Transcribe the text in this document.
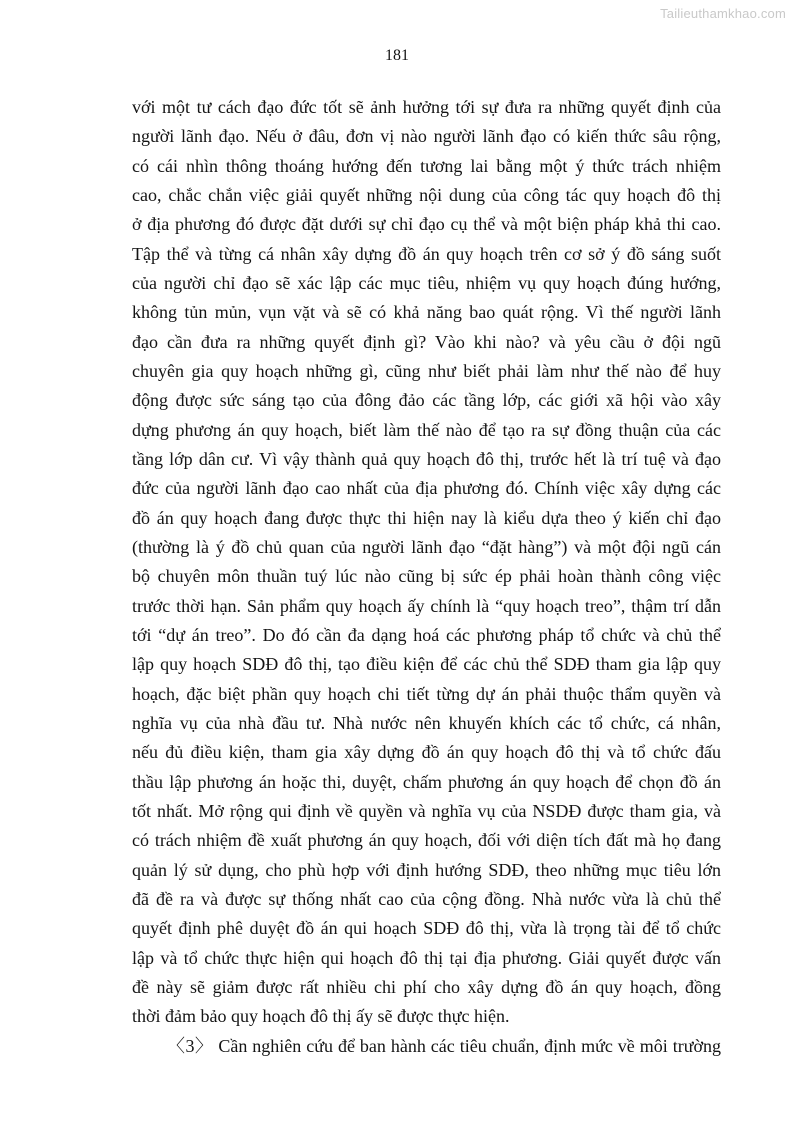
Tailieuthamkhao.com
181
với một tư cách đạo đức tốt sẽ ảnh hưởng tới sự đưa ra những quyết định của
người lãnh đạo. Nếu ở đâu, đơn vị nào người lãnh đạo có kiến thức sâu rộng,
có cái nhìn thông thoáng hướng đến tương lai bằng một ý thức trách nhiệm
cao, chắc chắn việc giải quyết những nội dung của công tác quy hoạch đô thị
ở địa phương đó được đặt dưới sự chỉ đạo cụ thể và một biện pháp khả thi cao.
Tập thể và từng cá nhân xây dựng đồ án quy hoạch trên cơ sở ý đồ sáng suốt
của người chỉ đạo sẽ xác lập các mục tiêu, nhiệm vụ quy hoạch đúng hướng,
không tủn mủn, vụn vặt và sẽ có khả năng bao quát rộng. Vì thế người lãnh
đạo cần đưa ra những quyết định gì? Vào khi nào? và yêu cầu ở đội ngũ
chuyên gia quy hoạch những gì, cũng như biết phải làm như thế nào để huy
động được sức sáng tạo của đông đảo các tầng lớp, các giới xã hội vào xây
dựng phương án quy hoạch, biết làm thế nào để tạo ra sự đồng thuận của các
tầng lớp dân cư. Vì vậy thành quả quy hoạch đô thị, trước hết là trí tuệ và đạo
đức của người lãnh đạo cao nhất của địa phương đó. Chính việc xây dựng các
đồ án quy hoạch đang được thực thi hiện nay là kiểu dựa theo ý kiến chỉ đạo
(thường là ý đồ chủ quan của người lãnh đạo “đặt hàng”) và một đội ngũ cán
bộ chuyên môn thuần tuý lúc nào cũng bị sức ép phải hoàn thành công việc
trước thời hạn. Sản phẩm quy hoạch ấy chính là “quy hoạch treo”, thậm trí dẫn
tới “dự án treo”. Do đó cần đa dạng hoá các phương pháp tổ chức và chủ thể
lập quy hoạch SDĐ đô thị, tạo điều kiện để các chủ thể SDĐ tham gia lập quy
hoạch, đặc biệt phần quy hoạch chi tiết từng dự án phải thuộc thẩm quyền và
nghĩa vụ của nhà đầu tư. Nhà nước nên khuyến khích các tổ chức, cá nhân,
nếu đủ điều kiện, tham gia xây dựng đồ án quy hoạch đô thị và tổ chức đấu
thầu lập phương án hoặc thi, duyệt, chấm phương án quy hoạch để chọn đồ án
tốt nhất. Mở rộng qui định về quyền và nghĩa vụ của NSDĐ được tham gia, và
có trách nhiệm đề xuất phương án quy hoạch, đối với diện tích đất mà họ đang
quản lý sử dụng, cho phù hợp với định hướng SDĐ, theo những mục tiêu lớn
đã đề ra và được sự thống nhất cao của cộng đồng. Nhà nước vừa là chủ thể
quyết định phê duyệt đồ án qui hoạch SDĐ đô thị, vừa là trọng tài để tổ chức
lập và tổ chức thực hiện qui hoạch đô thị tại địa phương. Giải quyết được vấn
đề này sẽ giảm được rất nhiều chi phí cho xây dựng đồ án quy hoạch, đồng
thời đảm bảo quy hoạch đô thị ấy sẽ được thực hiện.
〈3〉 Cần nghiên cứu để ban hành các tiêu chuẩn, định mức về môi trường
